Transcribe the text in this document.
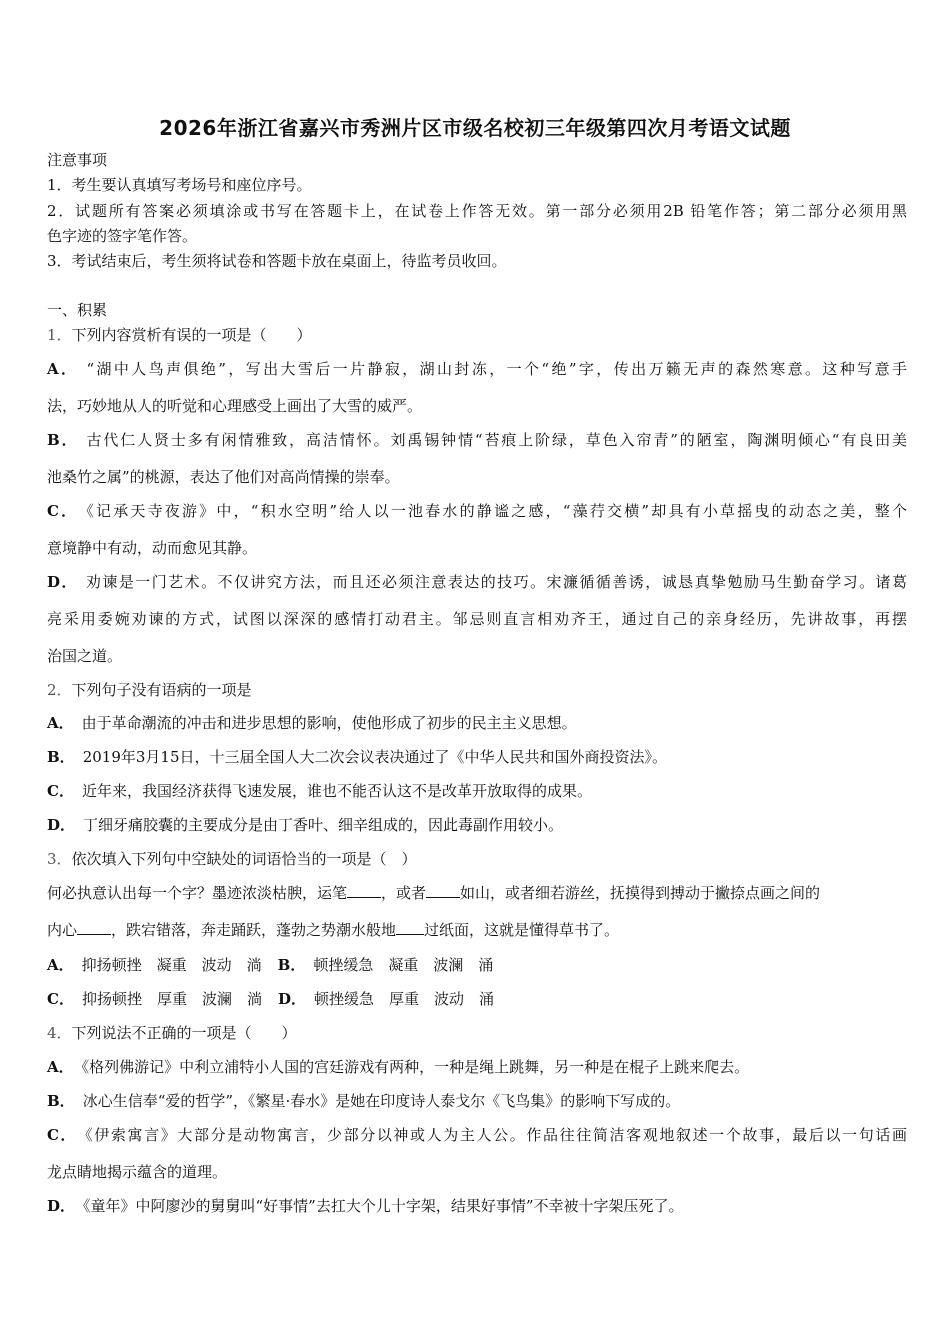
2026年浙江省嘉兴市秀洲片区市级名校初三年级第四次月考语文试题
注意事项
1．考生要认真填写考场号和座位序号。
2．试题所有答案必须填涂或书写在答题卡上，在试卷上作答无效。第一部分必须用2B 铅笔作答；第二部分必须用黑
色字迹的签字笔作答。
3．考试结束后，考生须将试卷和答题卡放在桌面上，待监考员收回。
一、积累
1．下列内容赏析有误的一项是（　　）
A． “湖中人鸟声俱绝”，写出大雪后一片静寂，湖山封冻，一个“绝”字，传出万籁无声的森然寒意。这种写意手
法，巧妙地从人的听觉和心理感受上画出了大雪的威严。
B． 古代仁人贤士多有闲情雅致，高洁情怀。刘禹锡钟情“苔痕上阶绿，草色入帘青”的陋室，陶渊明倾心“有良田美
池桑竹之属”的桃源，表达了他们对高尚情操的崇奉。
C． 《记承天寺夜游》中，“积水空明”给人以一池春水的静谧之感，“藻荇交横”却具有小草摇曳的动态之美，整个
意境静中有动，动而愈见其静。
D． 劝谏是一门艺术。不仅讲究方法，而且还必须注意表达的技巧。宋濂循循善诱，诚恳真挚勉励马生勤奋学习。诸葛
亮采用委婉劝谏的方式，试图以深深的感情打动君主。邹忌则直言相劝齐王，通过自己的亲身经历，先讲故事，再摆
治国之道。
2．下列句子没有语病的一项是
A． 由于革命潮流的冲击和进步思想的影响，使他形成了初步的民主主义思想。
B． 2019年3月15日，十三届全国人大二次会议表决通过了《中华人民共和国外商投资法》。
C． 近年来，我国经济获得飞速发展，谁也不能否认这不是改革开放取得的成果。
D． 丁细牙痛胶囊的主要成分是由丁香叶、细辛组成的，因此毒副作用较小。
3．依次填入下列句中空缺处的词语恰当的一项是（　）
何必执意认出每一个字？墨迹浓淡枯腴，运笔 ，或者 如山，或者细若游丝，抚摸得到搏动于撇捺点画之间的
内心 ，跌宕错落，奔走踊跃，蓬勃之势潮水般地 过纸面，这就是懂得草书了。
A． 抑扬顿挫　凝重　波动　淌 B． 顿挫缓急　凝重　波澜　涌
C． 抑扬顿挫　厚重　波澜　淌 D． 顿挫缓急　厚重　波动　涌
4．下列说法不正确的一项是（　　）
A． 《格列佛游记》中利立浦特小人国的宫廷游戏有两种，一种是绳上跳舞，另一种是在棍子上跳来爬去。
B． 冰心生信奉“爱的哲学”，《繁星·春水》是她在印度诗人泰戈尔《飞鸟集》的影响下写成的。
C． 《伊索寓言》大部分是动物寓言，少部分以神或人为主人公。作品往往简洁客观地叙述一个故事，最后以一句话画
龙点睛地揭示蕴含的道理。
D． 《童年》中阿廖沙的舅舅叫“好事情”去扛大个儿十字架，结果好事情”不幸被十字架压死了。
